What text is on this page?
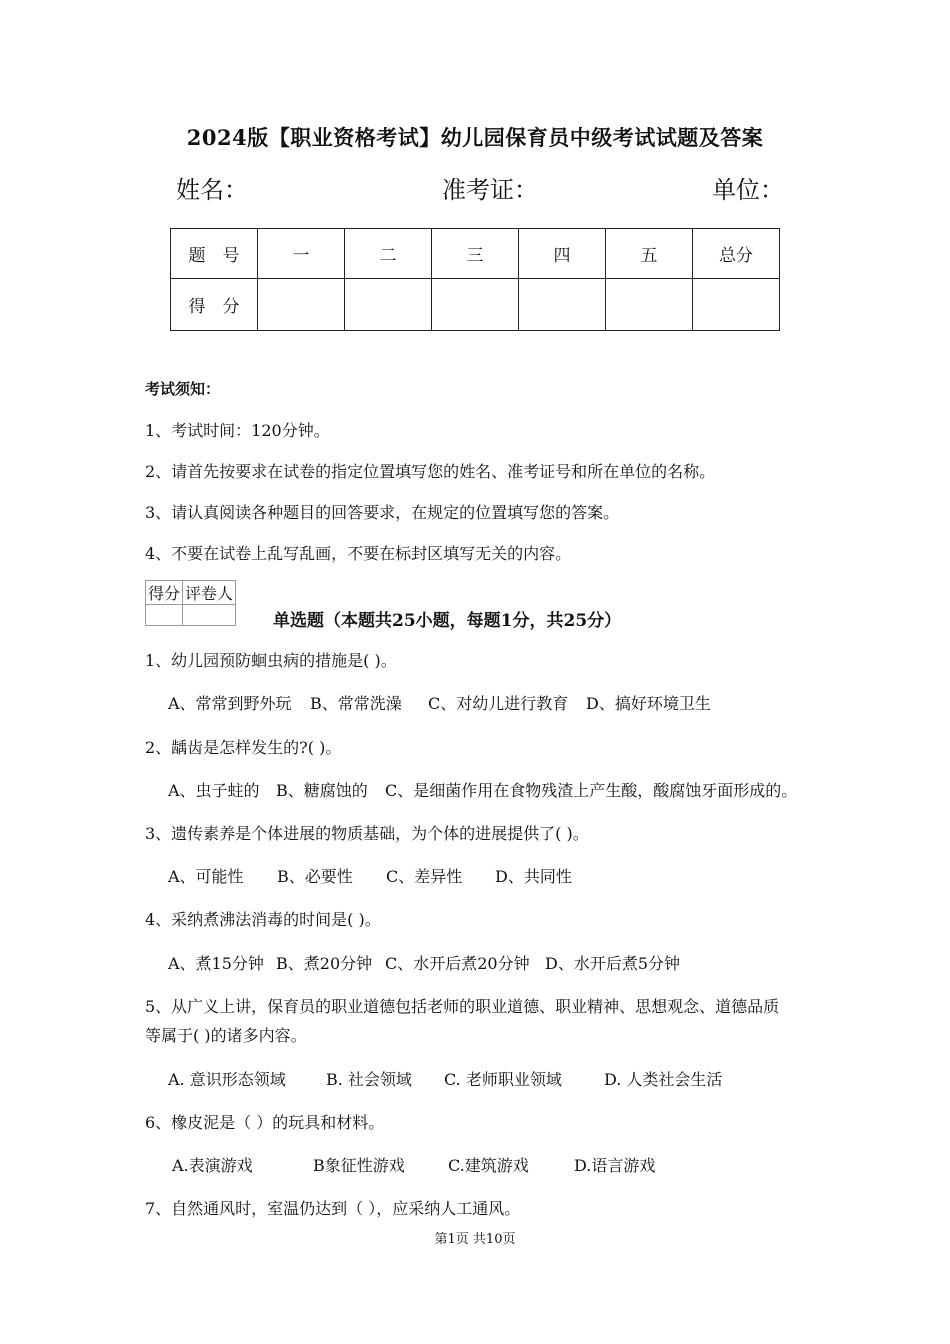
2024版【职业资格考试】幼儿园保育员中级考试试题及答案
姓名：	准考证：	单位：
题　号	一	二	三	四	五	总分
得　分						
考试须知：
1、考试时间：120分钟。
2、请首先按要求在试卷的指定位置填写您的姓名、准考证号和所在单位的名称。
3、请认真阅读各种题目的回答要求，在规定的位置填写您的答案。
4、不要在试卷上乱写乱画，不要在标封区填写无关的内容。
得分	评卷人

单选题（本题共25小题，每题1分，共25分）
1、幼儿园预防蛔虫病的措施是( )。
A、常常到野外玩 B、常常洗澡 C、对幼儿进行教育 D、搞好环境卫生
2、龋齿是怎样发生的?( )。
A、虫子蛀的 B、糖腐蚀的 C、是细菌作用在食物残渣上产生酸，酸腐蚀牙面形成的。
3、遗传素养是个体进展的物质基础，为个体的进展提供了( )。
A、可能性 B、必要性 C、差异性 D、共同性
4、采纳煮沸法消毒的时间是( )。
A、煮15分钟 B、煮20分钟 C、水开后煮20分钟 D、水开后煮5分钟
5、从广义上讲，保育员的职业道德包括老师的职业道德、职业精神、思想观念、道德品质
等属于( )的诸多内容。
A. 意识形态领域	B. 社会领域 C. 老师职业领域	D. 人类社会生活
6、橡皮泥是（ ）的玩具和材料。
A.表演游戏	B象征性游戏	C.建筑游戏	D.语言游戏
7、自然通风时，室温仍达到（ ），应采纳人工通风。
第1页 共10页
